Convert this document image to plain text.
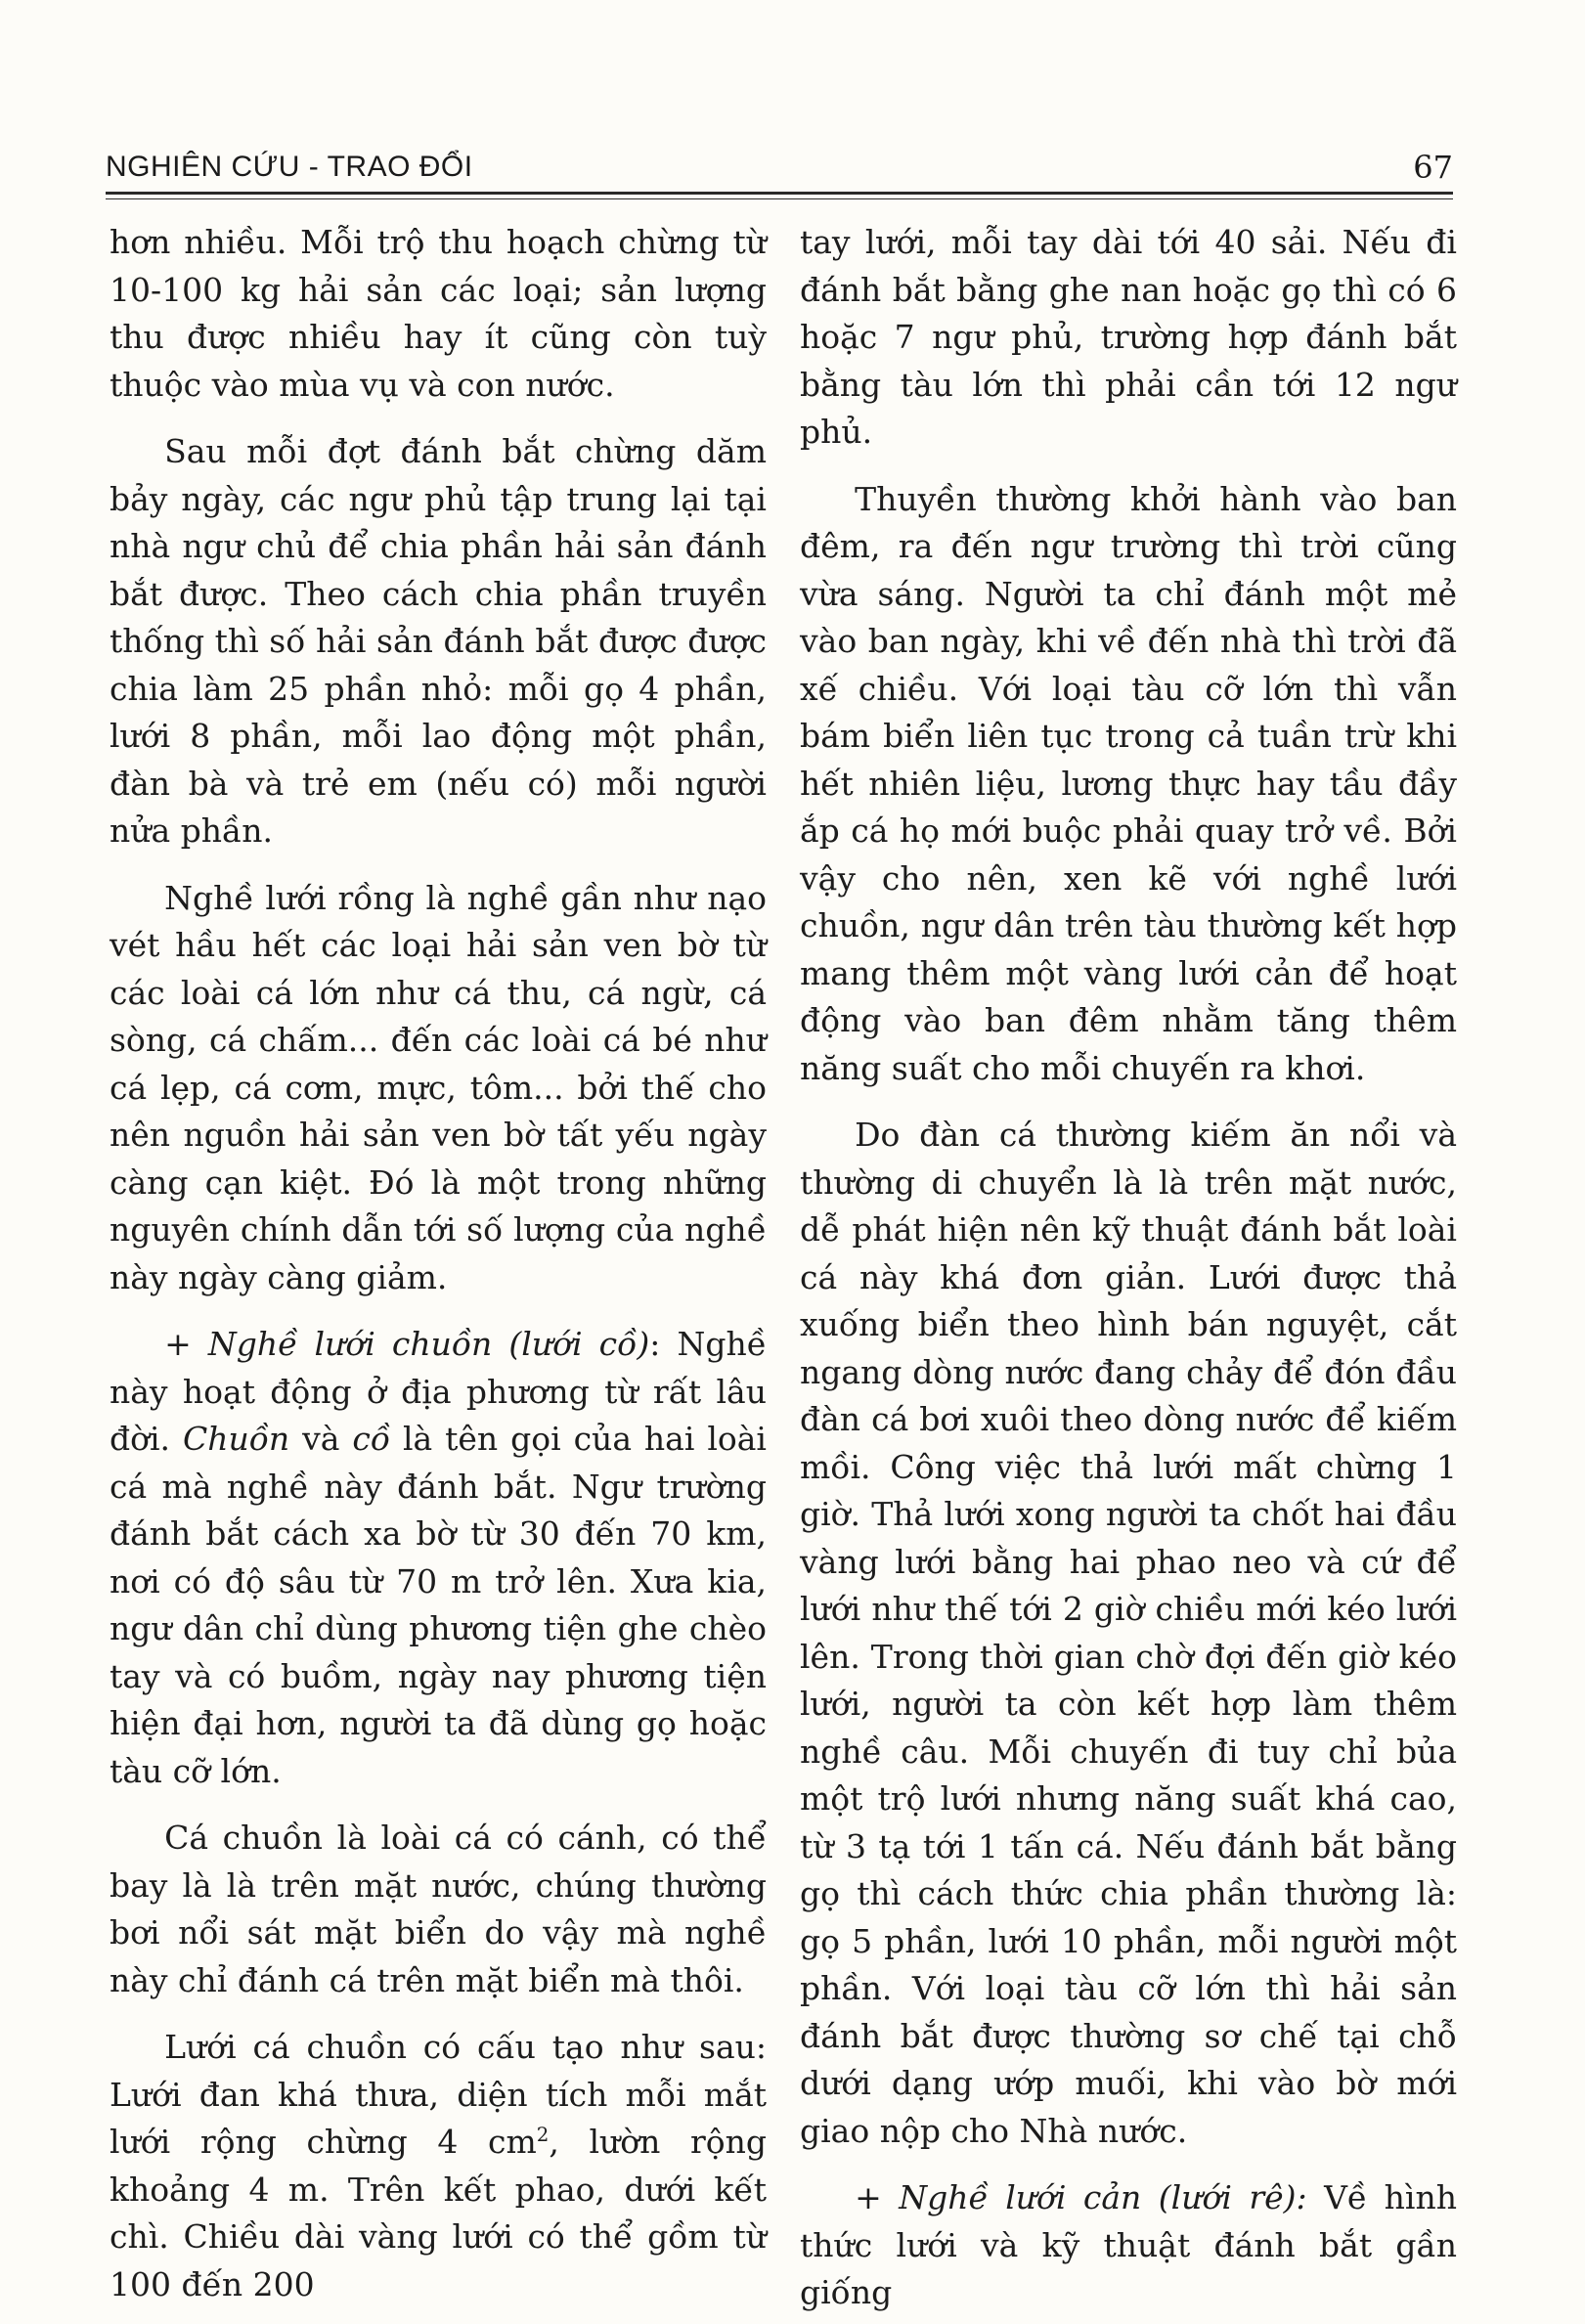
NGHIÊN CỨU - TRAO ĐỔI	67

hơn nhiều. Mỗi trộ thu hoạch chừng từ 10-100 kg hải sản các loại; sản lượng thu được nhiều hay ít cũng còn tuỳ thuộc vào mùa vụ và con nước.

Sau mỗi đợt đánh bắt chừng dăm bảy ngày, các ngư phủ tập trung lại tại nhà ngư chủ để chia phần hải sản đánh bắt được. Theo cách chia phần truyền thống thì số hải sản đánh bắt được được chia làm 25 phần nhỏ: mỗi gọ 4 phần, lưới 8 phần, mỗi lao động một phần, đàn bà và trẻ em (nếu có) mỗi người nửa phần.

Nghề lưới rồng là nghề gần như nạo vét hầu hết các loại hải sản ven bờ từ các loài cá lớn như cá thu, cá ngừ, cá sòng, cá chấm... đến các loài cá bé như cá lẹp, cá cơm, mực, tôm... bởi thế cho nên nguồn hải sản ven bờ tất yếu ngày càng cạn kiệt. Đó là một trong những nguyên chính dẫn tới số lượng của nghề này ngày càng giảm.

+ Nghề lưới chuồn (lưới cồ): Nghề này hoạt động ở địa phương từ rất lâu đời. Chuồn và cồ là tên gọi của hai loài cá mà nghề này đánh bắt. Ngư trường đánh bắt cách xa bờ từ 30 đến 70 km, nơi có độ sâu từ 70 m trở lên. Xưa kia, ngư dân chỉ dùng phương tiện ghe chèo tay và có buồm, ngày nay phương tiện hiện đại hơn, người ta đã dùng gọ hoặc tàu cỡ lớn.

Cá chuồn là loài cá có cánh, có thể bay là là trên mặt nước, chúng thường bơi nổi sát mặt biển do vậy mà nghề này chỉ đánh cá trên mặt biển mà thôi.

Lưới cá chuồn có cấu tạo như sau: Lưới đan khá thưa, diện tích mỗi mắt lưới rộng chừng 4 $cm^2$, lườn rộng khoảng 4 m. Trên kết phao, dưới kết chì. Chiều dài vàng lưới có thể gồm từ 100 đến 200

tay lưới, mỗi tay dài tới 40 sải. Nếu đi đánh bắt bằng ghe nan hoặc gọ thì có 6 hoặc 7 ngư phủ, trường hợp đánh bắt bằng tàu lớn thì phải cần tới 12 ngư phủ.

Thuyền thường khởi hành vào ban đêm, ra đến ngư trường thì trời cũng vừa sáng. Người ta chỉ đánh một mẻ vào ban ngày, khi về đến nhà thì trời đã xế chiều. Với loại tàu cỡ lớn thì vẫn bám biển liên tục trong cả tuần trừ khi hết nhiên liệu, lương thực hay tầu đầy ắp cá họ mới buộc phải quay trở về. Bởi vậy cho nên, xen kẽ với nghề lưới chuồn, ngư dân trên tàu thường kết hợp mang thêm một vàng lưới cản để hoạt động vào ban đêm nhằm tăng thêm năng suất cho mỗi chuyến ra khơi.

Do đàn cá thường kiếm ăn nổi và thường di chuyển là là trên mặt nước, dễ phát hiện nên kỹ thuật đánh bắt loài cá này khá đơn giản. Lưới được thả xuống biển theo hình bán nguyệt, cắt ngang dòng nước đang chảy để đón đầu đàn cá bơi xuôi theo dòng nước để kiếm mồi. Công việc thả lưới mất chừng 1 giờ. Thả lưới xong người ta chốt hai đầu vàng lưới bằng hai phao neo và cứ để lưới như thế tới 2 giờ chiều mới kéo lưới lên. Trong thời gian chờ đợi đến giờ kéo lưới, người ta còn kết hợp làm thêm nghề câu. Mỗi chuyến đi tuy chỉ bủa một trộ lưới nhưng năng suất khá cao, từ 3 tạ tới 1 tấn cá. Nếu đánh bắt bằng gọ thì cách thức chia phần thường là: gọ 5 phần, lưới 10 phần, mỗi người một phần. Với loại tàu cỡ lớn thì hải sản đánh bắt được thường sơ chế tại chỗ dưới dạng ướp muối, khi vào bờ mới giao nộp cho Nhà nước.

+ Nghề lưới cản (lưới rê): Về hình thức lưới và kỹ thuật đánh bắt gần giống
